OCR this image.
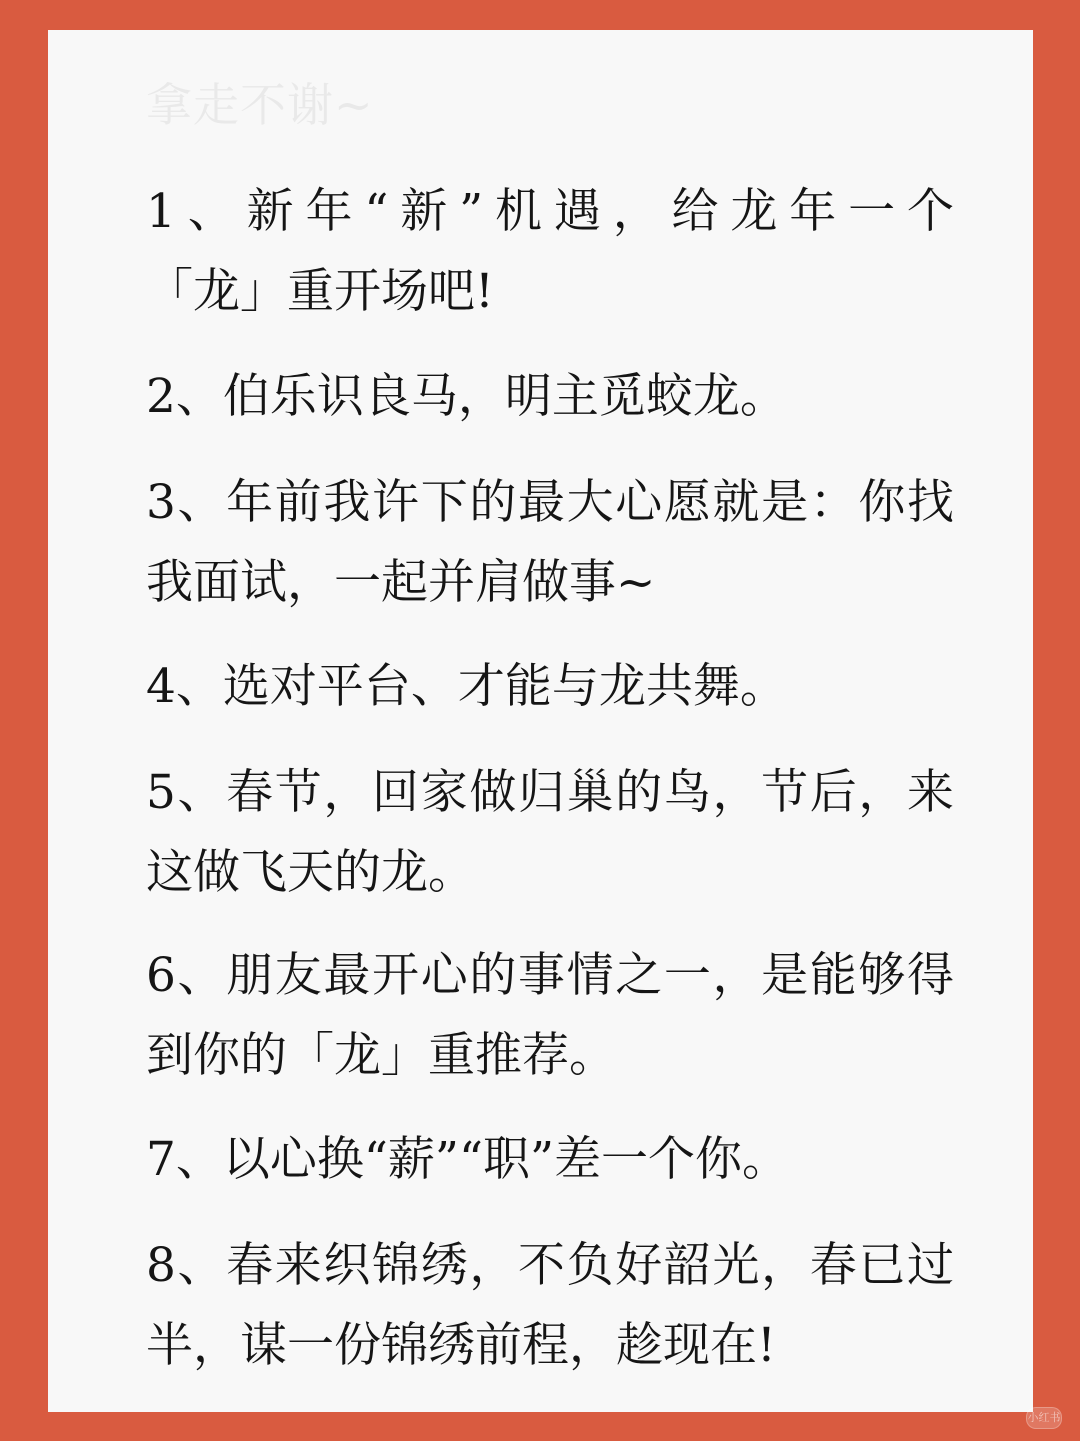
拿走不谢~
1、新年“新”机遇，给龙年一个
「龙」重开场吧!
2、伯乐识良马，明主觅蛟龙。
3、年前我许下的最大心愿就是：你找
我面试，一起并肩做事~
4、选对平台、才能与龙共舞。
5、春节，回家做归巢的鸟，节后，来
这做飞天的龙。
6、朋友最开心的事情之一，是能够得
到你的「龙」重推荐。
7、以心换“薪”“职”差一个你。
8、春来织锦绣，不负好韶光，春已过
半，谋一份锦绣前程，趁现在!
小红书
